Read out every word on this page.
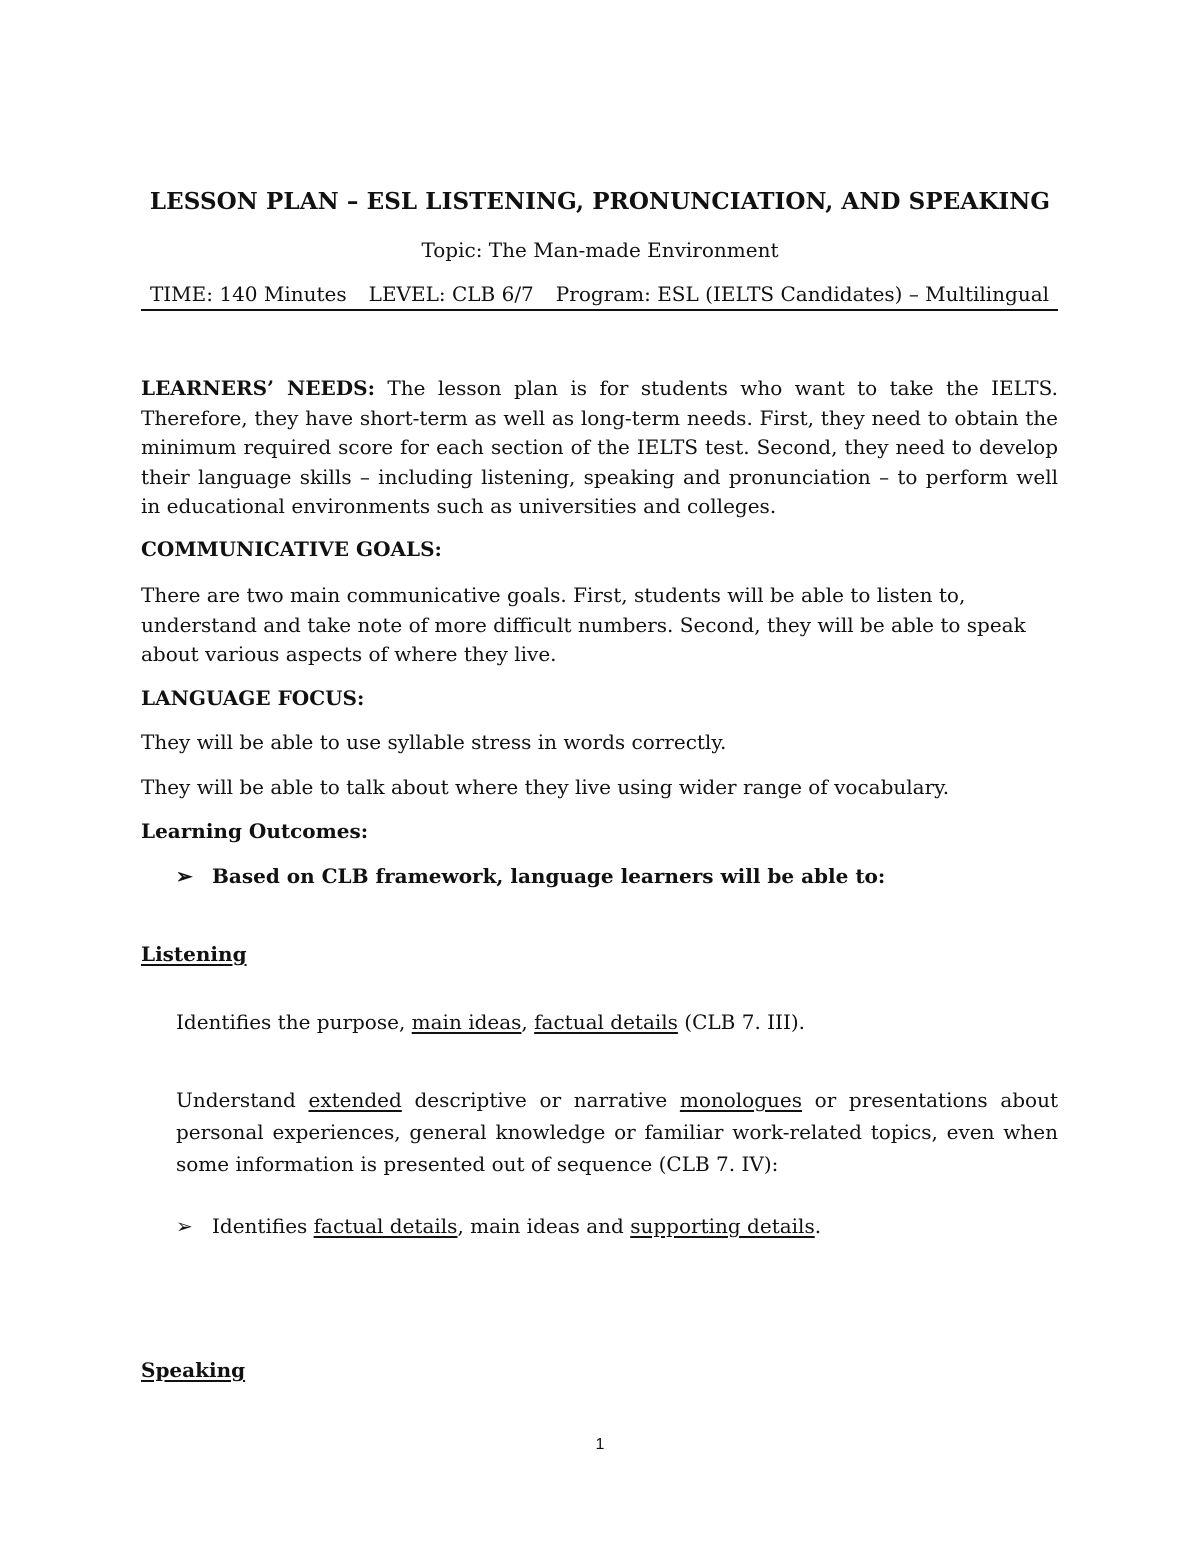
LESSON PLAN – ESL LISTENING, PRONUNCIATION, AND SPEAKING
Topic: The Man-made Environment
TIME: 140 Minutes LEVEL: CLB 6/7 Program: ESL (IELTS Candidates) – Multilingual
LEARNERS’ NEEDS: The lesson plan is for students who want to take the IELTS. Therefore, they have short-term as well as long-term needs. First, they need to obtain the minimum required score for each section of the IELTS test. Second, they need to develop their language skills – including listening, speaking and pronunciation – to perform well in educational environments such as universities and colleges.
COMMUNICATIVE GOALS:
There are two main communicative goals. First, students will be able to listen to, understand and take note of more difficult numbers. Second, they will be able to speak about various aspects of where they live.
LANGUAGE FOCUS:
They will be able to use syllable stress in words correctly.
They will be able to talk about where they live using wider range of vocabulary.
Learning Outcomes:
➢ Based on CLB framework, language learners will be able to:
Listening
Identifies the purpose, main ideas, factual details (CLB 7. III).
Understand extended descriptive or narrative monologues or presentations about personal experiences, general knowledge or familiar work-related topics, even when some information is presented out of sequence (CLB 7. IV):
➢ Identifies factual details, main ideas and supporting details.
Speaking
1
